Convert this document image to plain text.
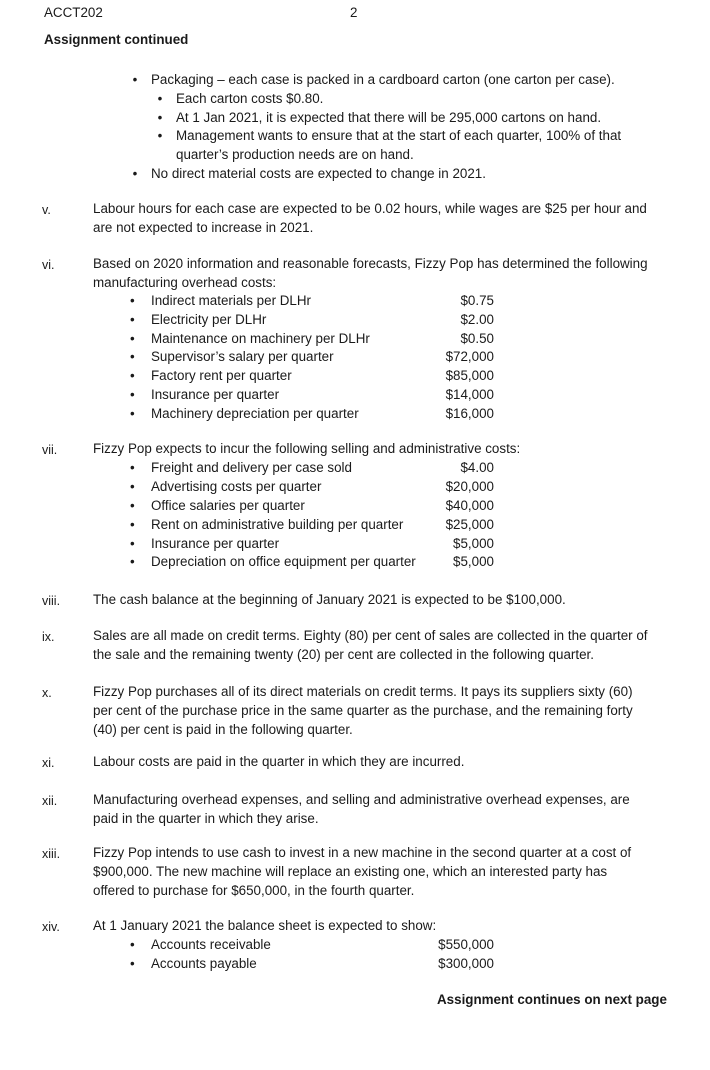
ACCT202	2
Assignment continued
• Packaging – each case is packed in a cardboard carton (one carton per case).
• Each carton costs $0.80.
• At 1 Jan 2021, it is expected that there will be 295,000 cartons on hand.
• Management wants to ensure that at the start of each quarter, 100% of that
quarter’s production needs are on hand.
• No direct material costs are expected to change in 2021.
v.	Labour hours for each case are expected to be 0.02 hours, while wages are $25 per hour and
are not expected to increase in 2021.
vi.	Based on 2020 information and reasonable forecasts, Fizzy Pop has determined the following
manufacturing overhead costs:
• Indirect materials per DLHr	$0.75
• Electricity per DLHr	$2.00
• Maintenance on machinery per DLHr	$0.50
• Supervisor’s salary per quarter	$72,000
• Factory rent per quarter	$85,000
• Insurance per quarter	$14,000
• Machinery depreciation per quarter	$16,000
vii.	Fizzy Pop expects to incur the following selling and administrative costs:
• Freight and delivery per case sold	$4.00
• Advertising costs per quarter	$20,000
• Office salaries per quarter	$40,000
• Rent on administrative building per quarter	$25,000
• Insurance per quarter	$5,000
• Depreciation on office equipment per quarter	$5,000
viii. The cash balance at the beginning of January 2021 is expected to be $100,000.
ix.	Sales are all made on credit terms. Eighty (80) per cent of sales are collected in the quarter of
the sale and the remaining twenty (20) per cent are collected in the following quarter.
x.	Fizzy Pop purchases all of its direct materials on credit terms. It pays its suppliers sixty (60)
per cent of the purchase price in the same quarter as the purchase, and the remaining forty
(40) per cent is paid in the following quarter.
xi.	Labour costs are paid in the quarter in which they are incurred.
xii.	Manufacturing overhead expenses, and selling and administrative overhead expenses, are
paid in the quarter in which they arise.
xiii. Fizzy Pop intends to use cash to invest in a new machine in the second quarter at a cost of
$900,000. The new machine will replace an existing one, which an interested party has
offered to purchase for $650,000, in the fourth quarter.
xiv. At 1 January 2021 the balance sheet is expected to show:
• Accounts receivable	$550,000
• Accounts payable	$300,000
Assignment continues on next page
